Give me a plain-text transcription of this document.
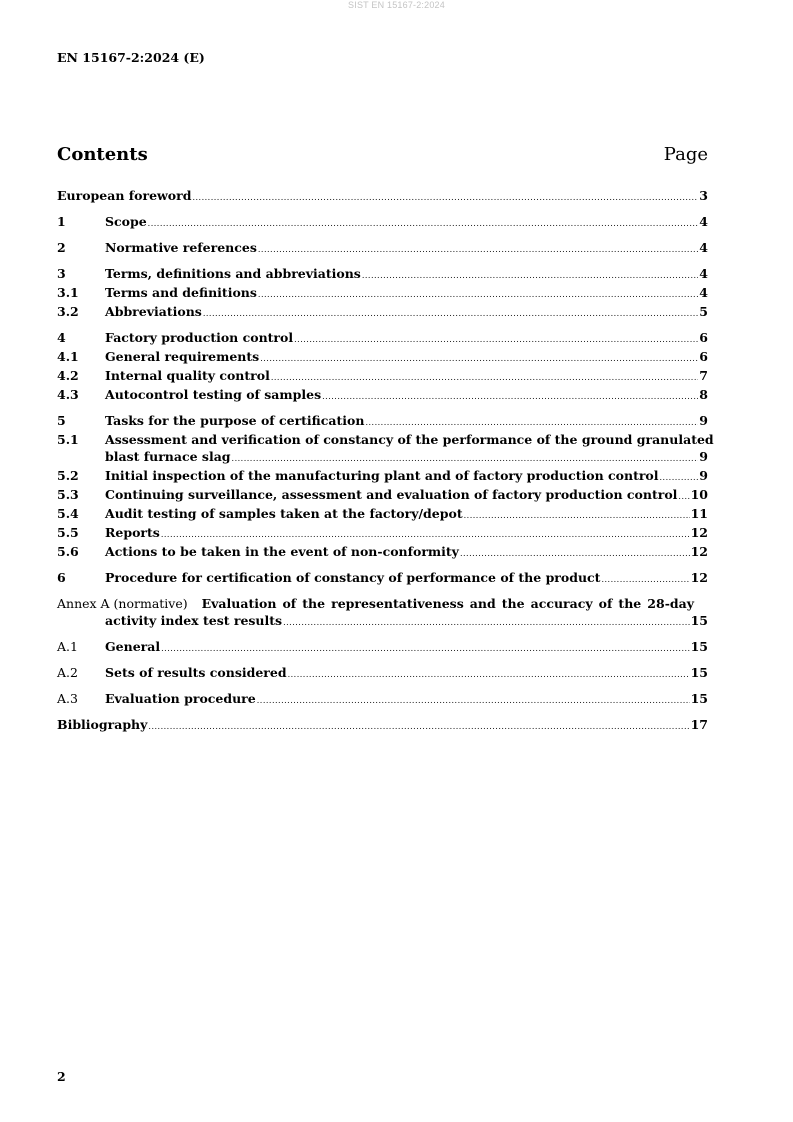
SIST EN 15167-2:2024
EN 15167-2:2024 (E)
Contents	Page
European foreword .....	3
1	Scope .....	4
2	Normative references .....	4
3	Terms, definitions and abbreviations .....	4
3.1	Terms and definitions .....	4
3.2	Abbreviations .....	5
4	Factory production control .....	6
4.1	General requirements .....	6
4.2	Internal quality control .....	7
4.3	Autocontrol testing of samples .....	8
5	Tasks for the purpose of certification .....	9
5.1	Assessment and verification of constancy of the performance of the ground granulated
blast furnace slag .....	9
5.2	Initial inspection of the manufacturing plant and of factory production control .....	9
5.3	Continuing surveillance, assessment and evaluation of factory production control ..... 10
5.4	Audit testing of samples taken at the factory/depot .....	11
5.5	Reports .....	12
5.6	Actions to be taken in the event of non-conformity .....	12
6	Procedure for certification of constancy of performance of the product .....	12
Annex A (normative) Evaluation of the representativeness and the accuracy of the 28-day
activity index test results .....	15
A.1	General .....	15
A.2	Sets of results considered .....	15
A.3	Evaluation procedure .....	15
Bibliography .....	17
2
